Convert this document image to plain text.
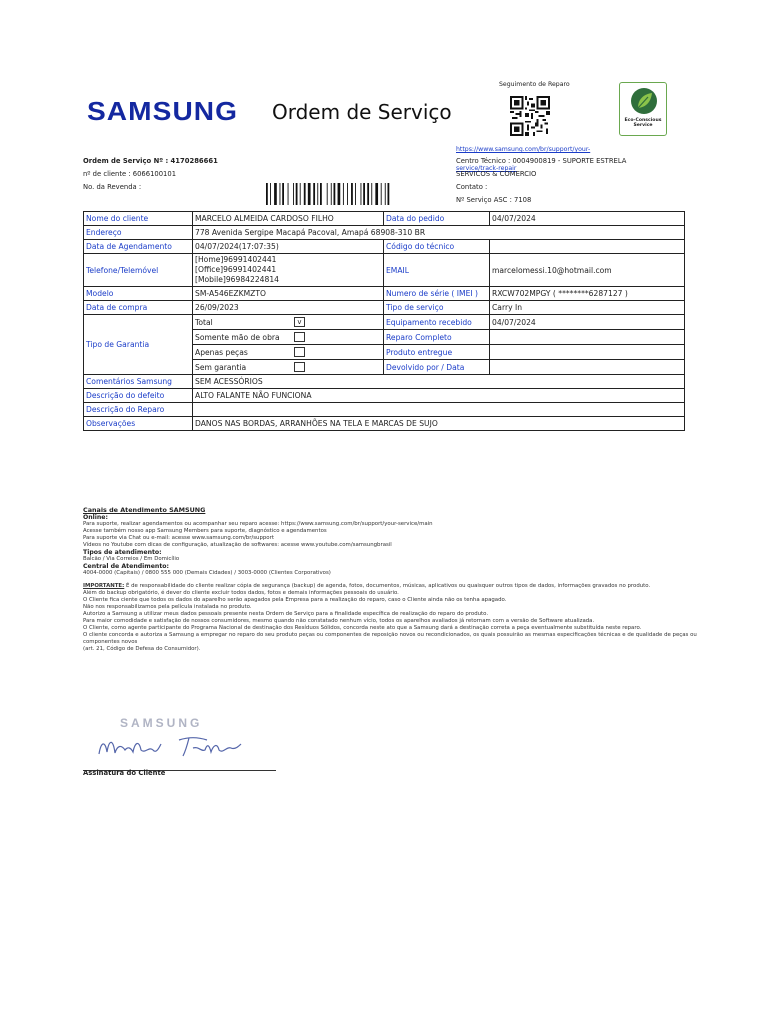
SAMSUNG Ordem de Serviço
Seguimento de Reparo
https://www.samsung.com/br/support/your-service/track-repair
Eco-Conscious Service
Ordem de Serviço Nº : 4170286661
nº de cliente : 6066100101
No. da Revenda :
Centro Técnico : 0004900819 - SUPORTE ESTRELA
SERVICOS & COMERCIO
Contato :
Nº Serviço ASC : 7108
Nome do cliente	MARCELO ALMEIDA CARDOSO FILHO	Data do pedido	04/07/2024
Endereço	778 Avenida Sergipe Macapá Pacoval, Amapá 68908-310 BR		
Data de Agendamento	04/07/2024(17:07:35)	Código do técnico	
Telefone/Telemóvel	[Home]96991402441
[Office]96991402441
[Mobile]96984224814	EMAIL	marcelomessi.10@hotmail.com
Modelo	SM-A546EZKMZTO	Numero de série ( IMEI )	RXCW702MPGY ( ********6287127 )
Data de compra	26/09/2023	Tipo de serviço	Carry In
Tipo de Garantia	Total v	Equipamento recebido	04/07/2024

	Somente mão de obra	Reparo Completo	

	Apenas peças	Produto entregue	

	Sem garantia	Devolvido por / Data	
Comentários Samsung	SEM ACESSÓRIOS		
Descrição do defeito	ALTO FALANTE NÃO FUNCIONA		
Descrição do Reparo			
Observações	DANOS NAS BORDAS, ARRANHÕES NA TELA E MARCAS DE SUJO		
Canais de Atendimento SAMSUNG
Online:

Para suporte, realizar agendamentos ou acompanhar seu reparo acesse: https://www.samsung.com/br/support/your-service/main

Acesse também nosso app Samsung Members para suporte, diagnóstico e agendamentos

Para suporte via Chat ou e-mail: acesse www.samsung.com/br/support

Vídeos no Youtube com dicas de configuração, atualização de softwares: acesse www.youtube.com/samsungbrasil

Tipos de atendimento:

Balcão / Via Correios / Em Domicílio

Central de Atendimento:

4004-0000 (Capitais) / 0800 555 000 (Demais Cidades) / 3003-0000 (Clientes Corporativos)

IMPORTANTE: É de responsabilidade do cliente realizar cópia de segurança (backup) de agenda, fotos, documentos, músicas, aplicativos ou quaisquer outros tipos de dados, informações gravados no produto.

Além do backup obrigatório, é dever do cliente excluir todos dados, fotos e demais informações pessoais do usuário.

O Cliente fica ciente que todos os dados do aparelho serão apagados pela Empresa para a realização do reparo, caso o Cliente ainda não os tenha apagado.

Não nos responsabilizamos pela película instalada no produto.

Autorizo a Samsung a utilizar meus dados pessoais presente nesta Ordem de Serviço para a finalidade específica de realização do reparo do produto.

Para maior comodidade e satisfação de nossos consumidores, mesmo quando não constatado nenhum vício, todos os aparelhos avaliados já retornam com a versão de Software atualizada.

O Cliente, como agente participante do Programa Nacional de destinação dos Resíduos Sólidos, concorda neste ato que a Samsung dará a destinação correta a peça eventualmente substituída neste reparo.

O cliente concorda e autoriza a Samsung a empregar no reparo do seu produto peças ou componentes de reposição novos ou recondicionados, os quais possuirão as mesmas especificações técnicas e de qualidade de peças ou componentes novos

(art. 21, Código de Defesa do Consumidor).

SAMSUNG
Assinatura do Cliente
